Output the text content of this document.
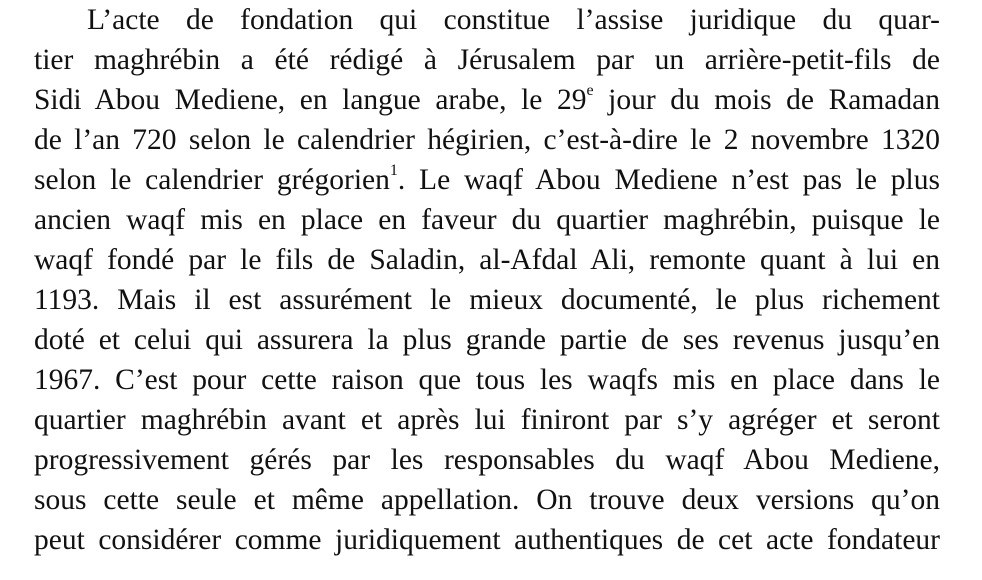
L’acte de fondation qui constitue l’assise juridique du quar-
tier maghrébin a été rédigé à Jérusalem par un arrière-petit-fils de
Sidi Abou Mediene, en langue arabe, le 29e jour du mois de Ramadan
de l’an 720 selon le calendrier hégirien, c’est-à-dire le 2 novembre 1320
selon le calendrier grégorien$^1$. Le waqf Abou Mediene n’est pas le plus
ancien waqf mis en place en faveur du quartier maghrébin, puisque le
waqf fondé par le fils de Saladin, al-Afdal Ali, remonte quant à lui en
1193. Mais il est assurément le mieux documenté, le plus richement
doté et celui qui assurera la plus grande partie de ses revenus jusqu’en
1967. C’est pour cette raison que tous les waqfs mis en place dans le
quartier maghrébin avant et après lui finiront par s’y agréger et seront
progressivement gérés par les responsables du waqf Abou Mediene,
sous cette seule et même appellation. On trouve deux versions qu’on
peut considérer comme juridiquement authentiques de cet acte fondateur
